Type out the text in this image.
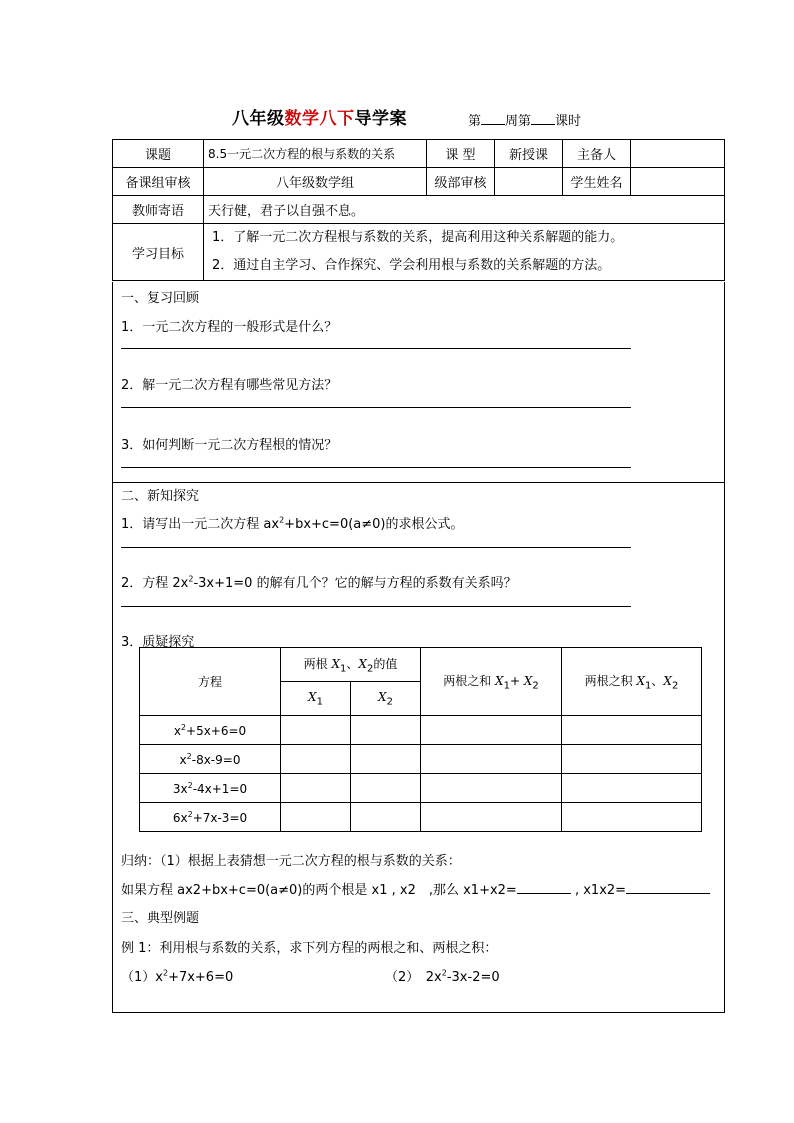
八年级数学八下导学案	第 周第 课时
课题	8.5一元二次方程的根与系数的关系	课 型	新授课	主备人	
备课组审核	八年级数学组	级部审核		学生姓名	
教师寄语	天行健，君子以自强不息。				
学习目标	1．了解一元二次方程根与系数的关系，提高利用这种关系解题的能力。
2．通过自主学习、合作探究、学会利用根与系数的关系解题的方法。				
一、复习回顾
1．一元二次方程的一般形式是什么？
2．解一元二次方程有哪些常见方法？
3．如何判断一元二次方程根的情况？
二、新知探究
1．请写出一元二次方程 $ax^2+bx+c=0(a\ne 0)$的求根公式。
2．方程 $2x^2-3x+1=0$ 的解有几个？它的解与方程的系数有关系吗？
3．质疑探究
方程	两根 $X_1$、$X_2$的值		两根之和 $X_1+ X_2$	两根之积 $X_1$、$X_2$
	$X_1$	$X_2$
$x^2+5x+6=0$				
$x^2-8x-9=0$				
$3x^2-4x+1=0$				
$6x^2+7x-3=0$				
归纳：（1）根据上表猜想一元二次方程的根与系数的关系：
如果方程 ax2+bx+c=0(a≠0)的两个根是 x1 , x2　,那么 x1+x2=	, x1x2=
三、典型例题
例 1：利用根与系数的关系，求下列方程的两根之和、两根之积：
$(1)x^2+7x+6=0$	（2）　$2x^2-3x-2=0$
